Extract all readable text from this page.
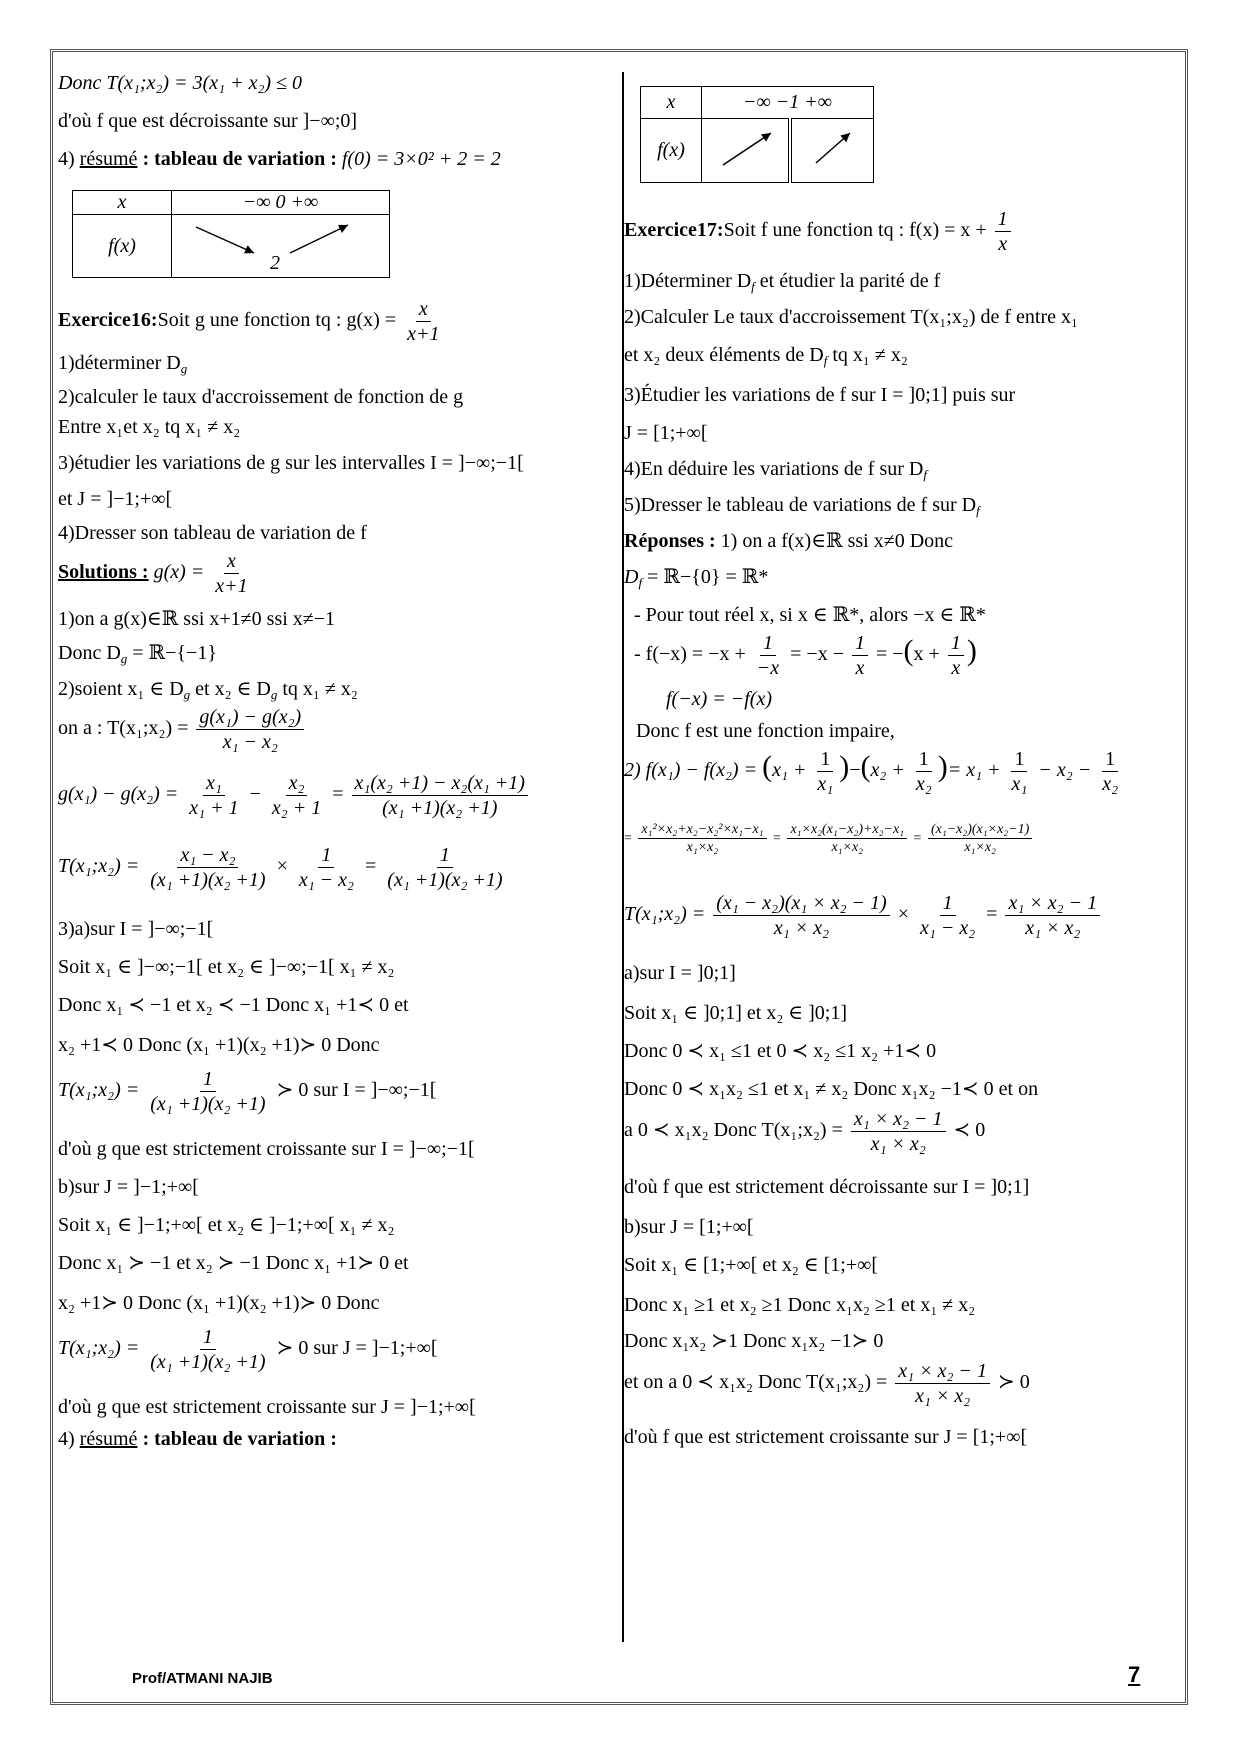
Donc T(x₁;x₂) = 3(x₁ + x₂) ≤ 0

d'où f que est décroissante sur ]−∞;0]

4) résumé : tableau de variation : f(0) = 3×0² + 2 = 2

x	−∞ 0 +∞
f(x)	2

Exercice16:Soit g une fonction tq : $g(x) = \frac{x}{x+1}$

1)déterminer $D_g$

2)calculer le taux d'accroissement de fonction de g

Entre x₁et x₂ tq x₁ ≠ x₂

3)étudier les variations de g sur les intervalles I = ]−∞;−1[

et J = ]−1;+∞[

4)Dresser son tableau de variation de f

Solutions : $g(x) = \frac{x}{x+1}$

1)on a g(x)∈ℝ ssi x+1≠0 ssi x≠−1

Donc $D_g$ = ℝ−{−1}

2)soient x₁ ∈ $D_g$ et x₂ ∈ $D_g$ tq x₁ ≠ x₂

on a : T(x₁;x₂) = $\frac{\text{g(x₁) − g(x₂)}}{\text{x₁ − x₂}}$

$g(x_1) - g(x_2) = \frac{\text{x₁}}{\text{x₁ + 1}} - \frac{\text{x₂}}{\text{x₂ + 1}} = \frac{\text{x₁(x₂ +1) − x₂(x₁ +1)}}{\text{(x₁ +1)(x₂ +1)}}$

T(x₁;x₂) = $\frac{\text{x₁ − x₂}}{\text{(x₁ +1)(x₂ +1)}} \times \frac{1}{\text{x₁ − x₂}} = \frac{1}{\text{(x₁ +1)(x₂ +1)}}$

3)a)sur I = ]−∞;−1[

Soit x₁ ∈ ]−∞;−1[ et x₂ ∈ ]−∞;−1[ x₁ ≠ x₂

Donc x₁ ≺ −1 et x₂ ≺ −1 Donc x₁ +1≺ 0 et

x₂ +1≺ 0 Donc (x₁ +1)(x₂ +1)≻ 0 Donc

T(x₁;x₂) = $\frac{1}{\text{(x₁ +1)(x₂ +1)}}$ ≻ 0 sur I = ]−∞;−1[

d'où g que est strictement croissante sur I = ]−∞;−1[

b)sur J = ]−1;+∞[

Soit x₁ ∈ ]−1;+∞[ et x₂ ∈ ]−1;+∞[ x₁ ≠ x₂

Donc x₁ ≻ −1 et x₂ ≻ −1 Donc x₁ +1≻ 0 et

x₂ +1≻ 0 Donc (x₁ +1)(x₂ +1)≻ 0 Donc

T(x₁;x₂) = $\frac{1}{\text{(x₁ +1)(x₂ +1)}}$ ≻ 0 sur J = ]−1;+∞[

d'où g que est strictement croissante sur J = ]−1;+∞[

4) résumé : tableau de variation :

x	−∞ −1 +∞	
f(x)		

Exercice17:Soit f une fonction tq : $f(x) = x + \frac{1}{x}$

1)Déterminer $D_f$ et étudier la parité de f

2)Calculer Le taux d'accroissement T(x₁;x₂) de f entre x₁

et x₂ deux éléments de $D_f$ tq x₁ ≠ x₂

3)Étudier les variations de f sur I = ]0;1] puis sur

J = [1;+∞[

4)En déduire les variations de f sur $D_f$

5)Dresser le tableau de variations de f sur $D_f$

Réponses : 1) on a f(x)∈ℝ ssi x≠0 Donc

$D_f$ = ℝ−{0} = ℝ*

- Pour tout réel x, si x ∈ ℝ*, alors −x ∈ ℝ*

- $f(-x) = -x + \frac{1}{-x} = -x - \frac{1}{x} = -(x + \frac{1}{x}$ )

f(−x) = −f(x)

Donc f est une fonction impaire,

2) $f(x_1) - f(x_2) = (x_1 + \frac{1}{\text{x₁}} )-(x_2 + \frac{1}{\text{x₂}}$ )= $x_1 + \frac{1}{\text{x₁}} - x_2 - \frac{1}{\text{x₂}}$

= $\frac{\text{x₁²×x₂+x₂−x₂²×x₁−x₁}}{\text{x₁×x₂}} = \frac{\text{x₁×x₂(x₁−x₂)+x₂−x₁}}{\text{x₁×x₂}} = \frac{\text{(x₁−x₂)(x₁×x₂−1)}}{\text{x₁×x₂}}$

T(x₁;x₂) = $\frac{\text{(x₁ − x₂)(x₁ × x₂ − 1)}}{\text{x₁ × x₂}} \times \frac{1}{\text{x₁ − x₂}} = \frac{\text{x₁ × x₂ − 1}}{\text{x₁ × x₂}}$

a)sur I = ]0;1]

Soit x₁ ∈ ]0;1] et x₂ ∈ ]0;1]

Donc 0 ≺ x₁ ≤1 et 0 ≺ x₂ ≤1 x₂ +1≺ 0

Donc 0 ≺ x₁x₂ ≤1 et x₁ ≠ x₂ Donc x₁x₂ −1≺ 0 et on

a 0 ≺ x₁x₂ Donc T(x₁;x₂) = $\frac{\text{x₁ × x₂ − 1}}{\text{x₁ × x₂}}$ ≺ 0

d'où f que est strictement décroissante sur I = ]0;1]

b)sur J = [1;+∞[

Soit x₁ ∈ [1;+∞[ et x₂ ∈ [1;+∞[

Donc x₁ ≥1 et x₂ ≥1 Donc x₁x₂ ≥1 et x₁ ≠ x₂

Donc x₁x₂ ≻1 Donc x₁x₂ −1≻ 0

et on a 0 ≺ x₁x₂ Donc T(x₁;x₂) = $\frac{\text{x₁ × x₂ − 1}}{\text{x₁ × x₂}}$ ≻ 0

d'où f que est strictement croissante sur J = [1;+∞[

Prof/ATMANI NAJIB	7
